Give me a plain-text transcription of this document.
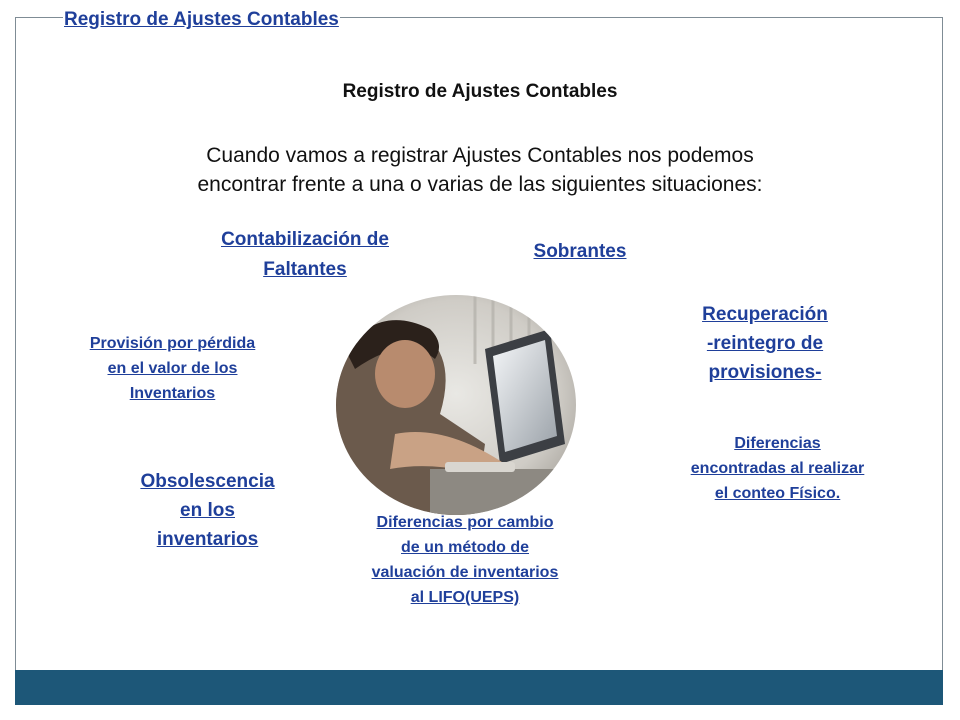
Registro de Ajustes Contables
Registro de Ajustes Contables
Cuando vamos a registrar Ajustes Contables nos podemos
encontrar frente a una o varias de las siguientes situaciones:
Contabilización de
Faltantes
Sobrantes
Recuperación
-reintegro de
provisiones-
Provisión por pérdida
en el valor de los
Inventarios
Diferencias
encontradas al realizar
el conteo Físico.
Obsolescencia
en los
inventarios
Diferencias por cambio
de un método de
valuación de inventarios
al LIFO(UEPS)
